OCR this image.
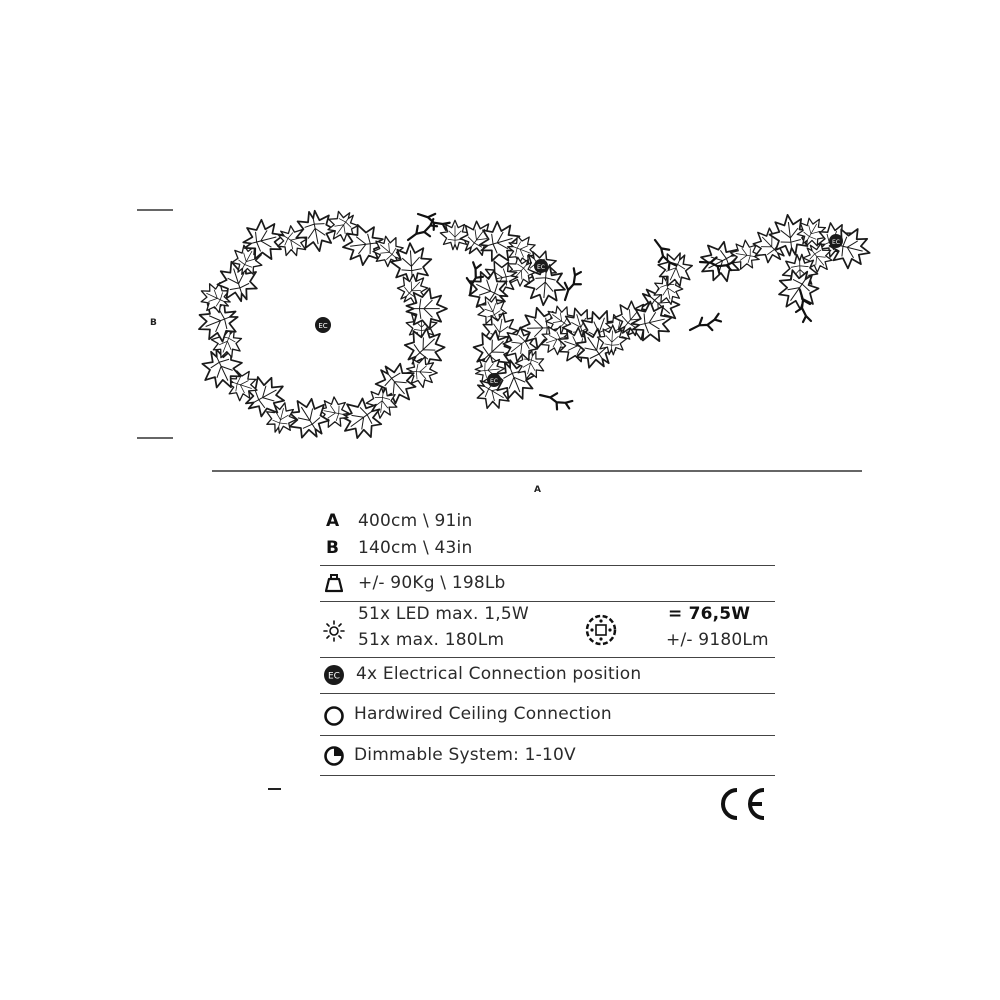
EC
EC
EC
EC
B
A
A 400cm \ 91in
B 140cm \ 43in
+/- 90Kg \ 198Lb
51x LED max. 1,5W
51x max. 180Lm
= 76,5W
+/- 9180Lm
EC 4x Electrical Connection position
Hardwired Ceiling Connection
Dimmable System: 1-10V
